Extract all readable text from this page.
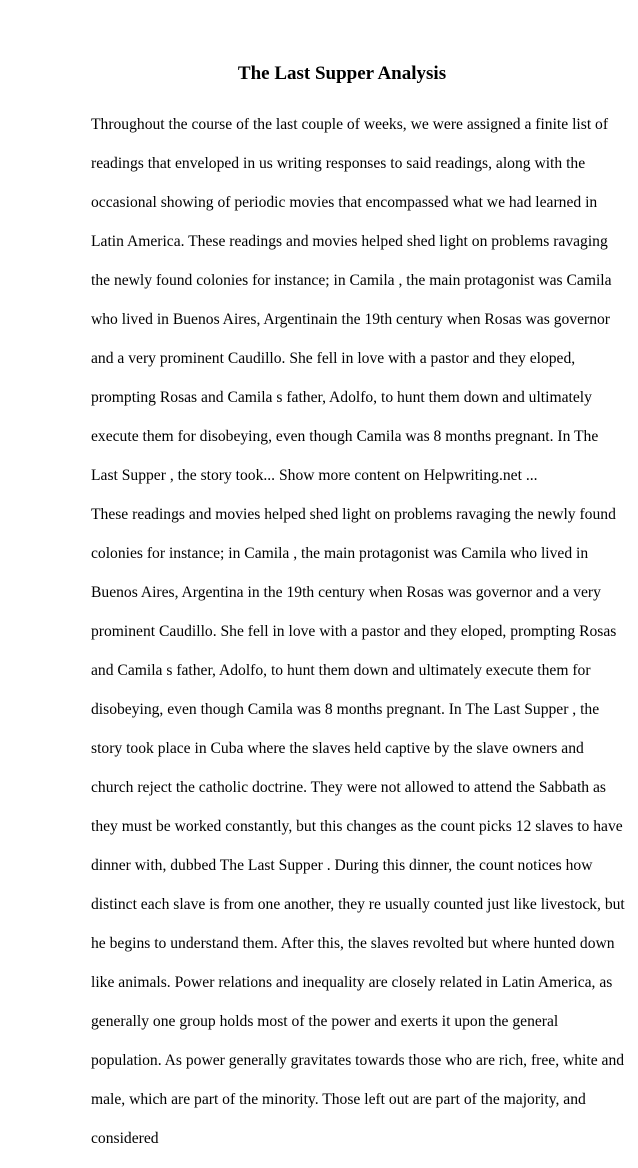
The Last Supper Analysis

Throughout the course of the last couple of weeks, we were assigned a finite list of

readings that enveloped in us writing responses to said readings, along with the

occasional showing of periodic movies that encompassed what we had learned in

Latin America. These readings and movies helped shed light on problems ravaging

the newly found colonies for instance; in Camila , the main protagonist was Camila

who lived in Buenos Aires, Argentinain the 19th century when Rosas was governor

and a very prominent Caudillo. She fell in love with a pastor and they eloped,

prompting Rosas and Camila s father, Adolfo, to hunt them down and ultimately

execute them for disobeying, even though Camila was 8 months pregnant. In The

Last Supper , the story took... Show more content on Helpwriting.net ...

These readings and movies helped shed light on problems ravaging the newly found

colonies for instance; in Camila , the main protagonist was Camila who lived in

Buenos Aires, Argentina in the 19th century when Rosas was governor and a very

prominent Caudillo. She fell in love with a pastor and they eloped, prompting Rosas

and Camila s father, Adolfo, to hunt them down and ultimately execute them for

disobeying, even though Camila was 8 months pregnant. In The Last Supper , the

story took place in Cuba where the slaves held captive by the slave owners and

church reject the catholic doctrine. They were not allowed to attend the Sabbath as

they must be worked constantly, but this changes as the count picks 12 slaves to have

dinner with, dubbed The Last Supper . During this dinner, the count notices how

distinct each slave is from one another, they re usually counted just like livestock, but

he begins to understand them. After this, the slaves revolted but where hunted down

like animals. Power relations and inequality are closely related in Latin America, as

generally one group holds most of the power and exerts it upon the general

population. As power generally gravitates towards those who are rich, free, white and

male, which are part of the minority. Those left out are part of the majority, and

considered
